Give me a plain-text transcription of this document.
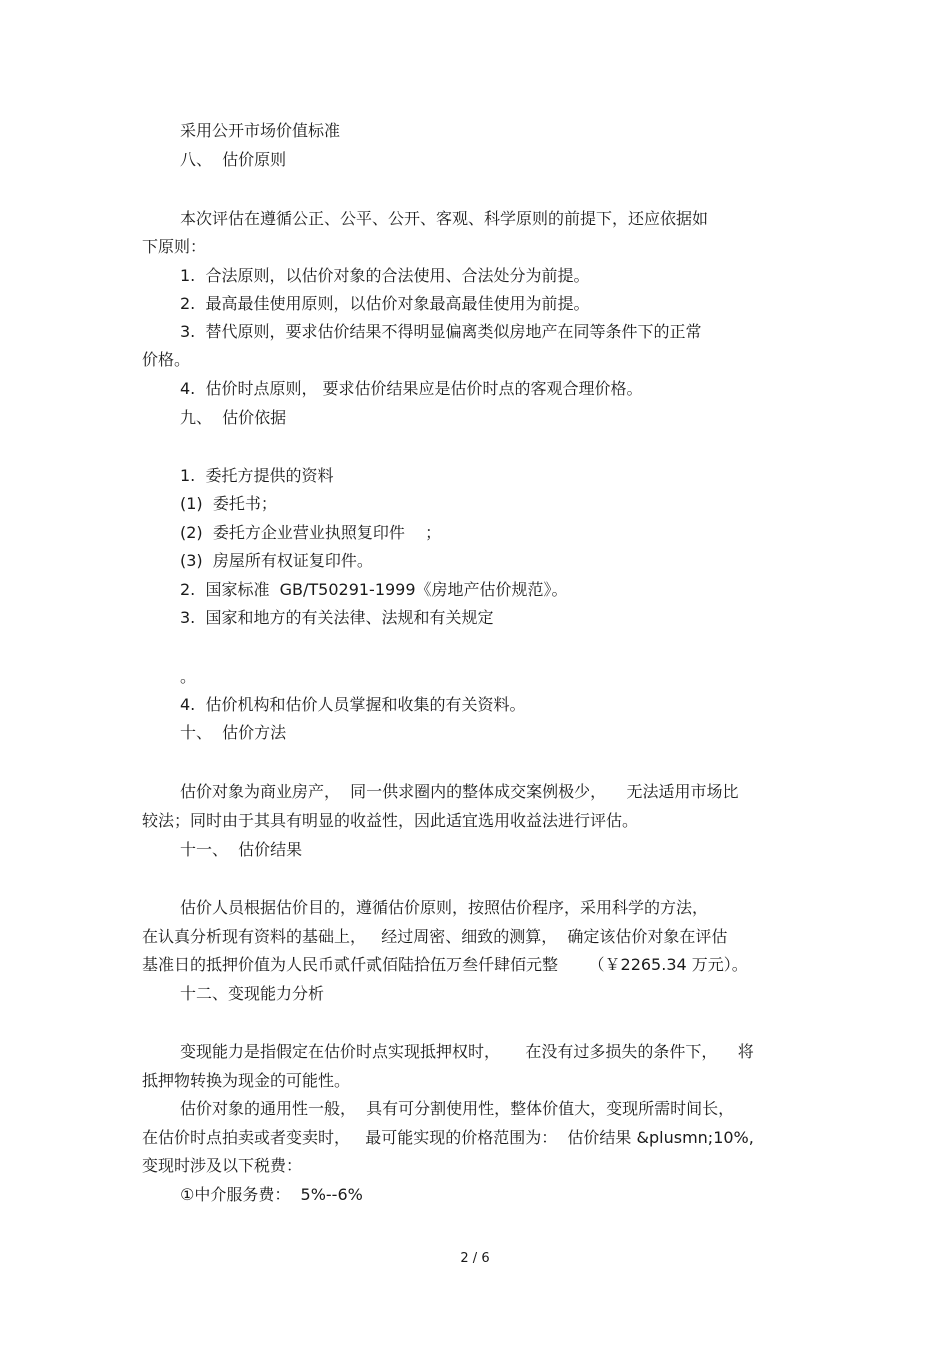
采用公开市场价值标准
八、  估价原则
本次评估在遵循公正、公平、公开、客观、科学原则的前提下，还应依据如
下原则：
1.  合法原则，以估价对象的合法使用、合法处分为前提。
2.  最高最佳使用原则，以估价对象最高最佳使用为前提。
3.  替代原则，要求估价结果不得明显偏离类似房地产在同等条件下的正常
价格。
4.  估价时点原则， 要求估价结果应是估价时点的客观合理价格。
九、  估价依据
1.  委托方提供的资料
(1)  委托书；
(2)  委托方企业营业执照复印件    ；
(3)  房屋所有权证复印件。
2.  国家标准  GB/T50291-1999《房地产估价规范》。
3.  国家和地方的有关法律、法规和有关规定
。
4.  估价机构和估价人员掌握和收集的有关资料。
十、  估价方法
估价对象为商业房产，  同一供求圈内的整体成交案例极少，    无法适用市场比
较法；同时由于其具有明显的收益性，因此适宜选用收益法进行评估。
十一、  估价结果
估价人员根据估价目的，遵循估价原则，按照估价程序，采用科学的方法，
在认真分析现有资料的基础上，   经过周密、细致的测算，  确定该估价对象在评估
基准日的抵押价值为人民币贰仟贰佰陆拾伍万叁仟肆佰元整      （￥2265.34 万元）。
十二、变现能力分析
变现能力是指假定在估价时点实现抵押权时，     在没有过多损失的条件下，    将
抵押物转换为现金的可能性。
估价对象的通用性一般，  具有可分割使用性，整体价值大，变现所需时间长，
在估价时点拍卖或者变卖时，   最可能实现的价格范围为：  估价结果 &plusmn;10%,
变现时涉及以下税费：
①中介服务费：  5%--6%
2 / 6
